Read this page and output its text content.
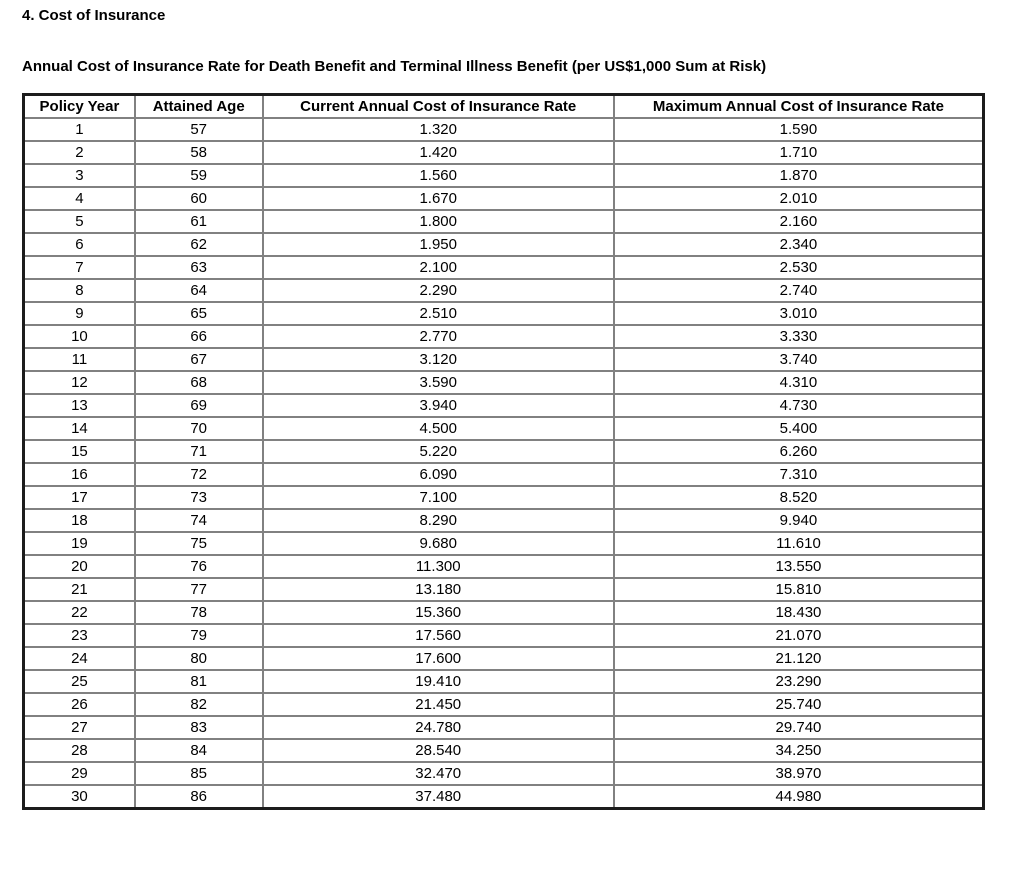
4. Cost of Insurance
Annual Cost of Insurance Rate for Death Benefit and Terminal Illness Benefit (per US$1,000 Sum at Risk)
Policy Year	Attained Age	Current Annual Cost of Insurance Rate	Maximum Annual Cost of Insurance Rate
1	57	1.320	1.590
2	58	1.420	1.710
3	59	1.560	1.870
4	60	1.670	2.010
5	61	1.800	2.160
6	62	1.950	2.340
7	63	2.100	2.530
8	64	2.290	2.740
9	65	2.510	3.010
10	66	2.770	3.330
11	67	3.120	3.740
12	68	3.590	4.310
13	69	3.940	4.730
14	70	4.500	5.400
15	71	5.220	6.260
16	72	6.090	7.310
17	73	7.100	8.520
18	74	8.290	9.940
19	75	9.680	11.610
20	76	11.300	13.550
21	77	13.180	15.810
22	78	15.360	18.430
23	79	17.560	21.070
24	80	17.600	21.120
25	81	19.410	23.290
26	82	21.450	25.740
27	83	24.780	29.740
28	84	28.540	34.250
29	85	32.470	38.970
30	86	37.480	44.980
